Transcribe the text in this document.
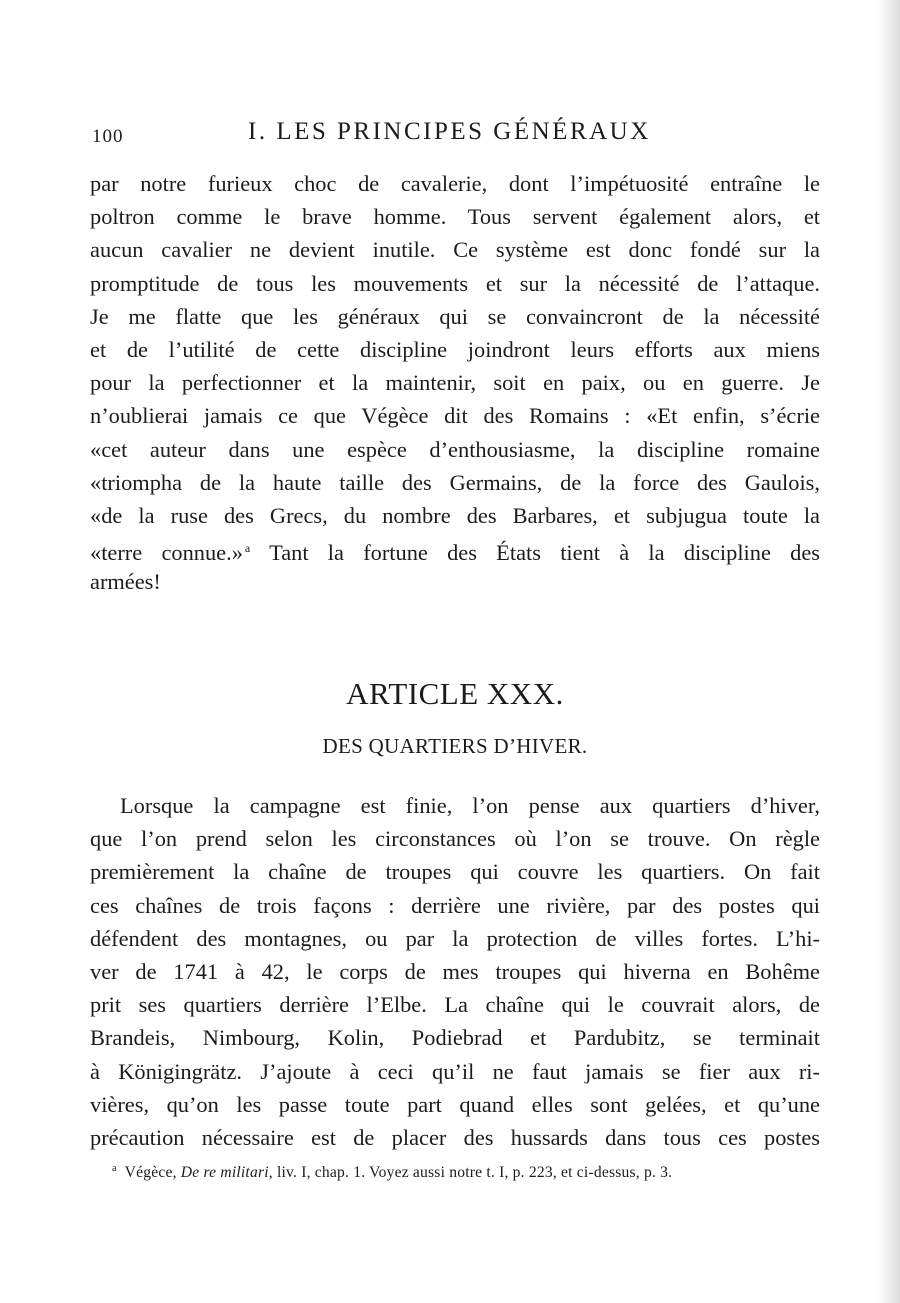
100	I. LES PRINCIPES GÉNÉRAUX
par notre furieux choc de cavalerie, dont l’impétuosité entraîne le
poltron comme le brave homme. Tous servent également alors, et
aucun cavalier ne devient inutile. Ce système est donc fondé sur la
promptitude de tous les mouvements et sur la nécessité de l’attaque.
Je me flatte que les généraux qui se convaincront de la nécessité
et de l’utilité de cette discipline joindront leurs efforts aux miens
pour la perfectionner et la maintenir, soit en paix, ou en guerre. Je
n’oublierai jamais ce que Végèce dit des Romains : «Et enfin, s’écrie
«cet auteur dans une espèce d’enthousiasme, la discipline romaine
«triompha de la haute taille des Germains, de la force des Gaulois,
«de la ruse des Grecs, du nombre des Barbares, et subjugua toute la
«terre connue.» $^a$ Tant la fortune des États tient à la discipline des
armées!
ARTICLE XXX.
DES QUARTIERS D’HIVER.
Lorsque la campagne est finie, l’on pense aux quartiers d’hiver,
que l’on prend selon les circonstances où l’on se trouve. On règle
premièrement la chaîne de troupes qui couvre les quartiers. On fait
ces chaînes de trois façons : derrière une rivière, par des postes qui
défendent des montagnes, ou par la protection de villes fortes. L’hi-
ver de 1741 à 42, le corps de mes troupes qui hiverna en Bohême
prit ses quartiers derrière l’Elbe. La chaîne qui le couvrait alors, de
Brandeis, Nimbourg, Kolin, Podiebrad et Pardubitz, se terminait
à Königingrätz. J’ajoute à ceci qu’il ne faut jamais se fier aux ri-
vières, qu’on les passe toute part quand elles sont gelées, et qu’une
précaution nécessaire est de placer des hussards dans tous ces postes
$^a$ Végèce, De re militari, liv. I, chap. 1. Voyez aussi notre t. I, p. 223, et ci-dessus, p. 3.
